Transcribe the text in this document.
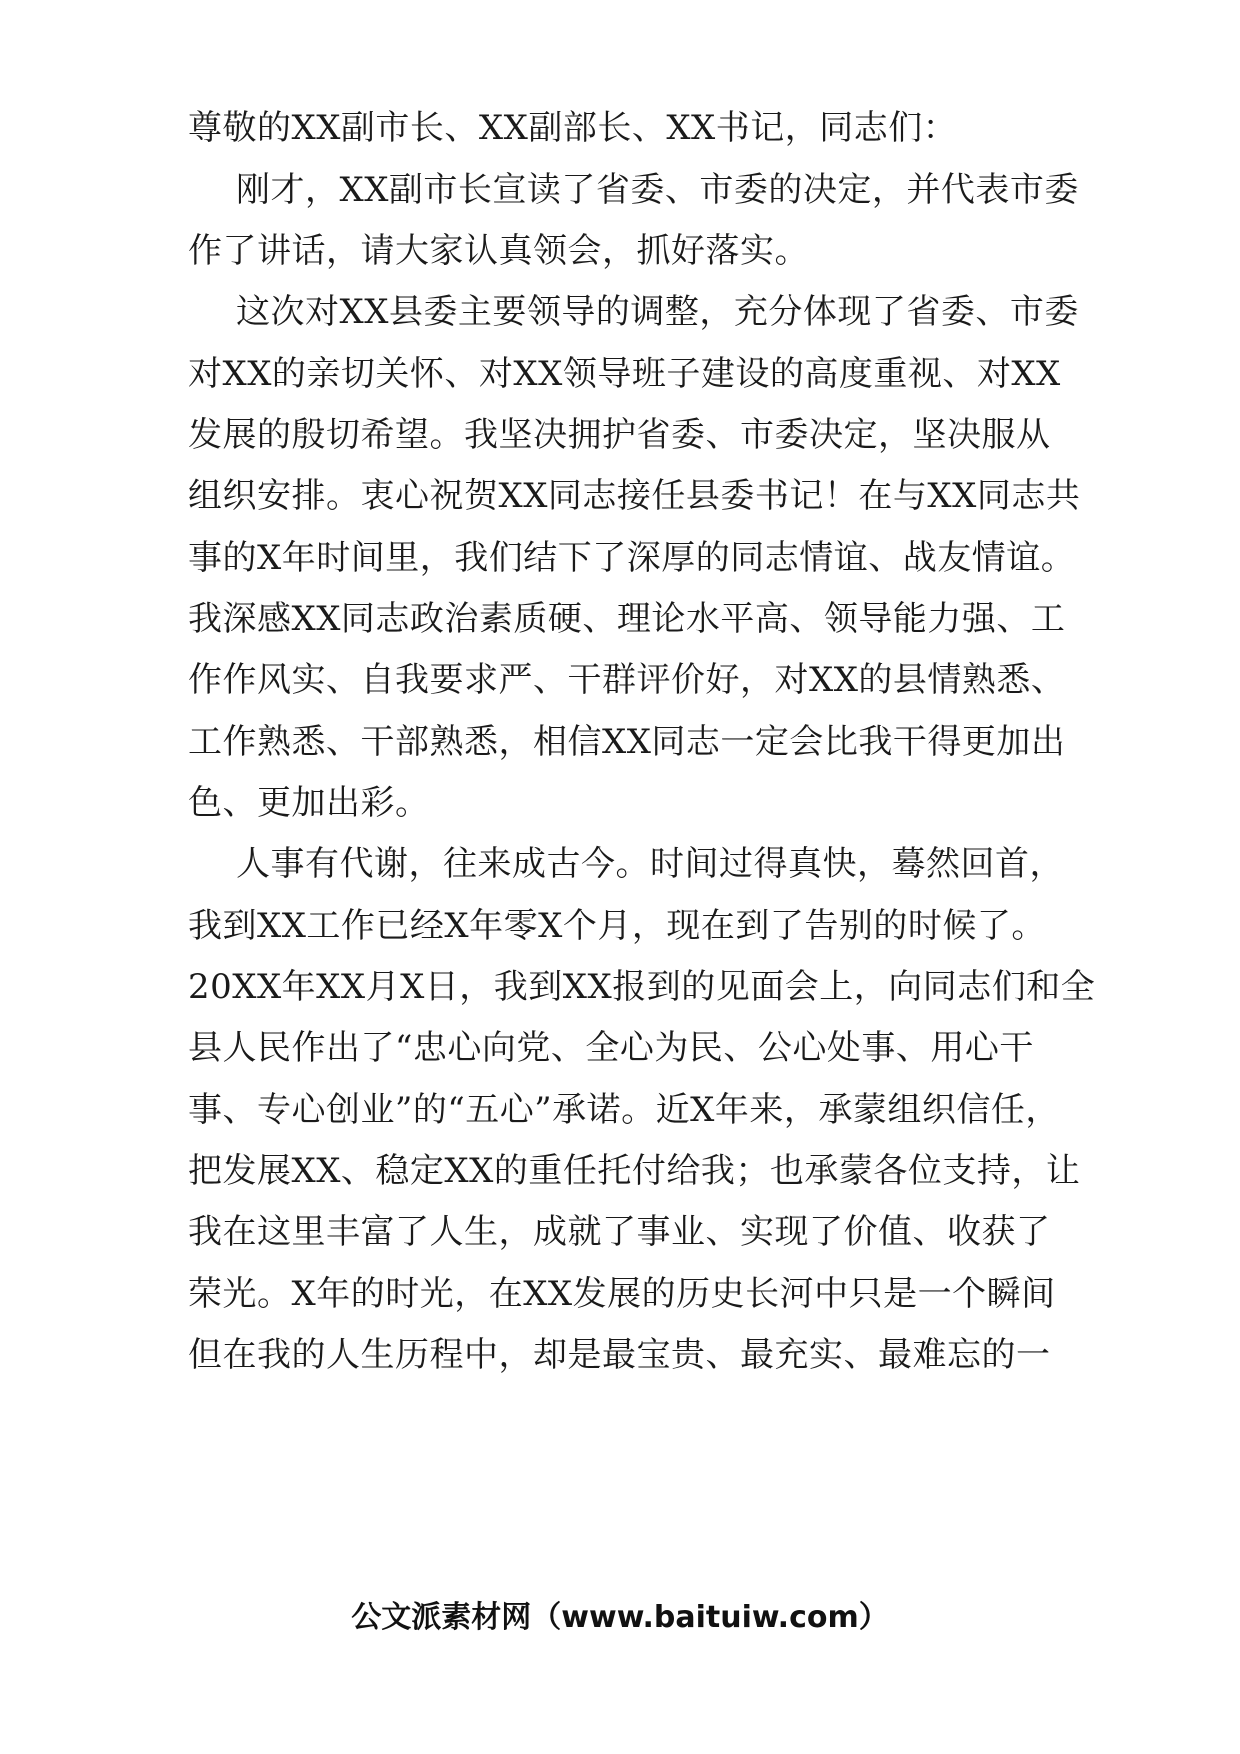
尊敬的XX副市长、XX副部长、XX书记，同志们：
刚才，XX副市长宣读了省委、市委的决定，并代表市委
作了讲话，请大家认真领会，抓好落实。
这次对XX县委主要领导的调整，充分体现了省委、市委
对XX的亲切关怀、对XX领导班子建设的高度重视、对XX
发展的殷切希望。我坚决拥护省委、市委决定，坚决服从
组织安排。衷心祝贺XX同志接任县委书记！在与XX同志共
事的X年时间里，我们结下了深厚的同志情谊、战友情谊。
我深感XX同志政治素质硬、理论水平高、领导能力强、工
作作风实、自我要求严、干群评价好，对XX的县情熟悉、
工作熟悉、干部熟悉，相信XX同志一定会比我干得更加出
色、更加出彩。
人事有代谢，往来成古今。时间过得真快，蓦然回首，
我到XX工作已经X年零X个月，现在到了告别的时候了。
20XX年XX月X日，我到XX报到的见面会上，向同志们和全
县人民作出了“忠心向党、全心为民、公心处事、用心干
事、专心创业”的“五心”承诺。近X年来，承蒙组织信任，
把发展XX、稳定XX的重任托付给我；也承蒙各位支持，让
我在这里丰富了人生，成就了事业、实现了价值、收获了
荣光。X年的时光，在XX发展的历史长河中只是一个瞬间
但在我的人生历程中，却是最宝贵、最充实、最难忘的一
公文派素材网（www.baituiw.com）
